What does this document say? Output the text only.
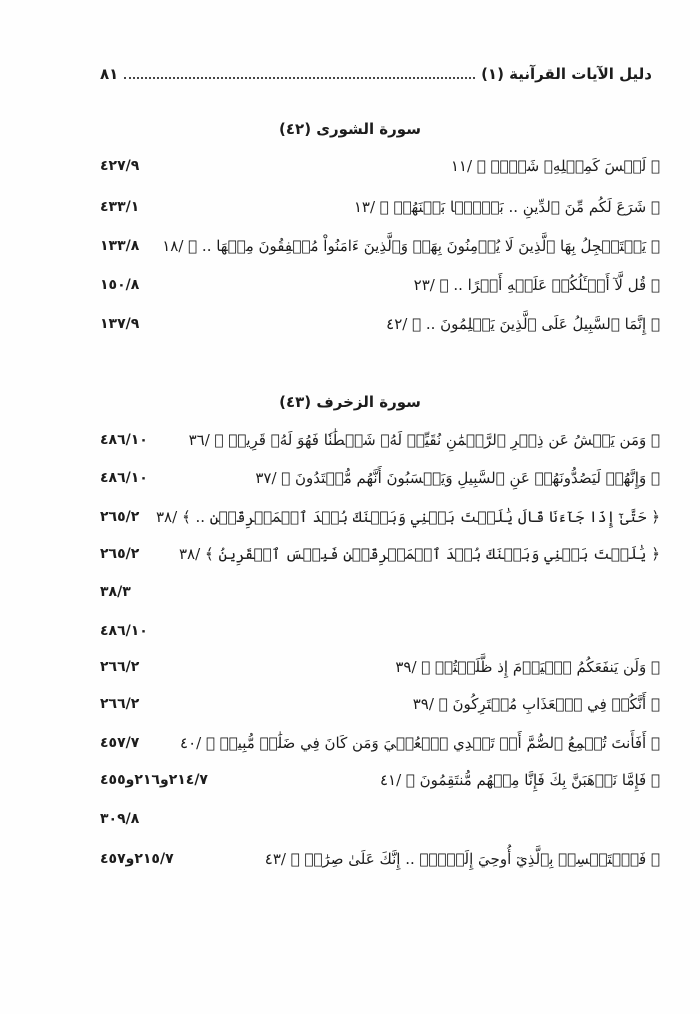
دليل الآيات القرآنية (١)
٨١
سورة الشورى (٤٢)
﴿ لَيۡسَ كَمِثۡلِهِۦ شَيۡءٞ ﴾ /١١
٤٢٧/٩
﴿ شَرَعَ لَكُم مِّنَ ٱلدِّينِ .. بَغۡيَۢا بَيۡنَهُمۡ ﴾ /١٣
٤٣٣/١
﴿ يَسۡتَعۡجِلُ بِهَا ٱلَّذِينَ لَا يُؤۡمِنُونَ بِهَاۖ وَٱلَّذِينَ ءَامَنُواْ مُشۡفِقُونَ مِنۡهَا .. ﴾ /١٨
١٣٣/٨
﴿ قُل لَّآ أَسۡـَٔلُكُمۡ عَلَيۡهِ أَجۡرًا .. ﴾ /٢٣
١٥٠/٨
﴿ إِنَّمَا ٱلسَّبِيلُ عَلَى ٱلَّذِينَ يَظۡلِمُونَ .. ﴾ /٤٢
١٣٧/٩
سورة الزخرف (٤٣)
﴿ وَمَن يَعۡشُ عَن ذِكۡرِ ٱلرَّحۡمَٰنِ نُقَيِّضۡ لَهُۥ شَيۡطَٰنٗا فَهُوَ لَهُۥ قَرِينٞ ﴾ /٣٦
٤٨٦/١٠
﴿ وَإِنَّهُمۡ لَيَصُدُّونَهُمۡ عَنِ ٱلسَّبِيلِ وَيَحۡسَبُونَ أَنَّهُم مُّهۡتَدُونَ ﴾ /٣٧
٤٨٦/١٠
﴿ حَتَّىٰٓ إِذَا جَآءَنَا قَالَ يَٰلَيۡتَ بَيۡنِي وَبَيۡنَكَ بُعۡدَ ٱلۡمَشۡرِقَيۡنِ .. ﴾ /٣٨
٢٦٥/٢
﴿ يَٰلَيۡتَ بَيۡنِي وَبَيۡنَكَ بُعۡدَ ٱلۡمَشۡرِقَيۡنِ فَبِئۡسَ ٱلۡقَرِينُ ﴾ /٣٨
٢٦٥/٢
٣٨/٣
٤٨٦/١٠
﴿ وَلَن يَنفَعَكُمُ ٱلۡيَوۡمَ إِذ ظَّلَمۡتُمۡ ﴾ /٣٩
٢٦٦/٢
﴿ أَنَّكُمۡ فِي ٱلۡعَذَابِ مُشۡتَرِكُونَ ﴾ /٣٩
٢٦٦/٢
﴿ أَفَأَنتَ تُسۡمِعُ ٱلصُّمَّ أَوۡ تَهۡدِي ٱلۡعُمۡيَ وَمَن كَانَ فِي ضَلَٰلٖ مُّبِينٖ ﴾ /٤٠
٤٥٧/٧
﴿ فَإِمَّا نَذۡهَبَنَّ بِكَ فَإِنَّا مِنۡهُم مُّنتَقِمُونَ ﴾ /٤١
٢١٤/٧و٢١٦و٤٥٥
٣٠٩/٨
﴿ فَٱسۡتَمۡسِكۡ بِٱلَّذِيٓ أُوحِيَ إِلَيۡكَۖ .. إِنَّكَ عَلَىٰ صِرَٰطٖ ﴾ /٤٣
٢١٥/٧و٤٥٧
